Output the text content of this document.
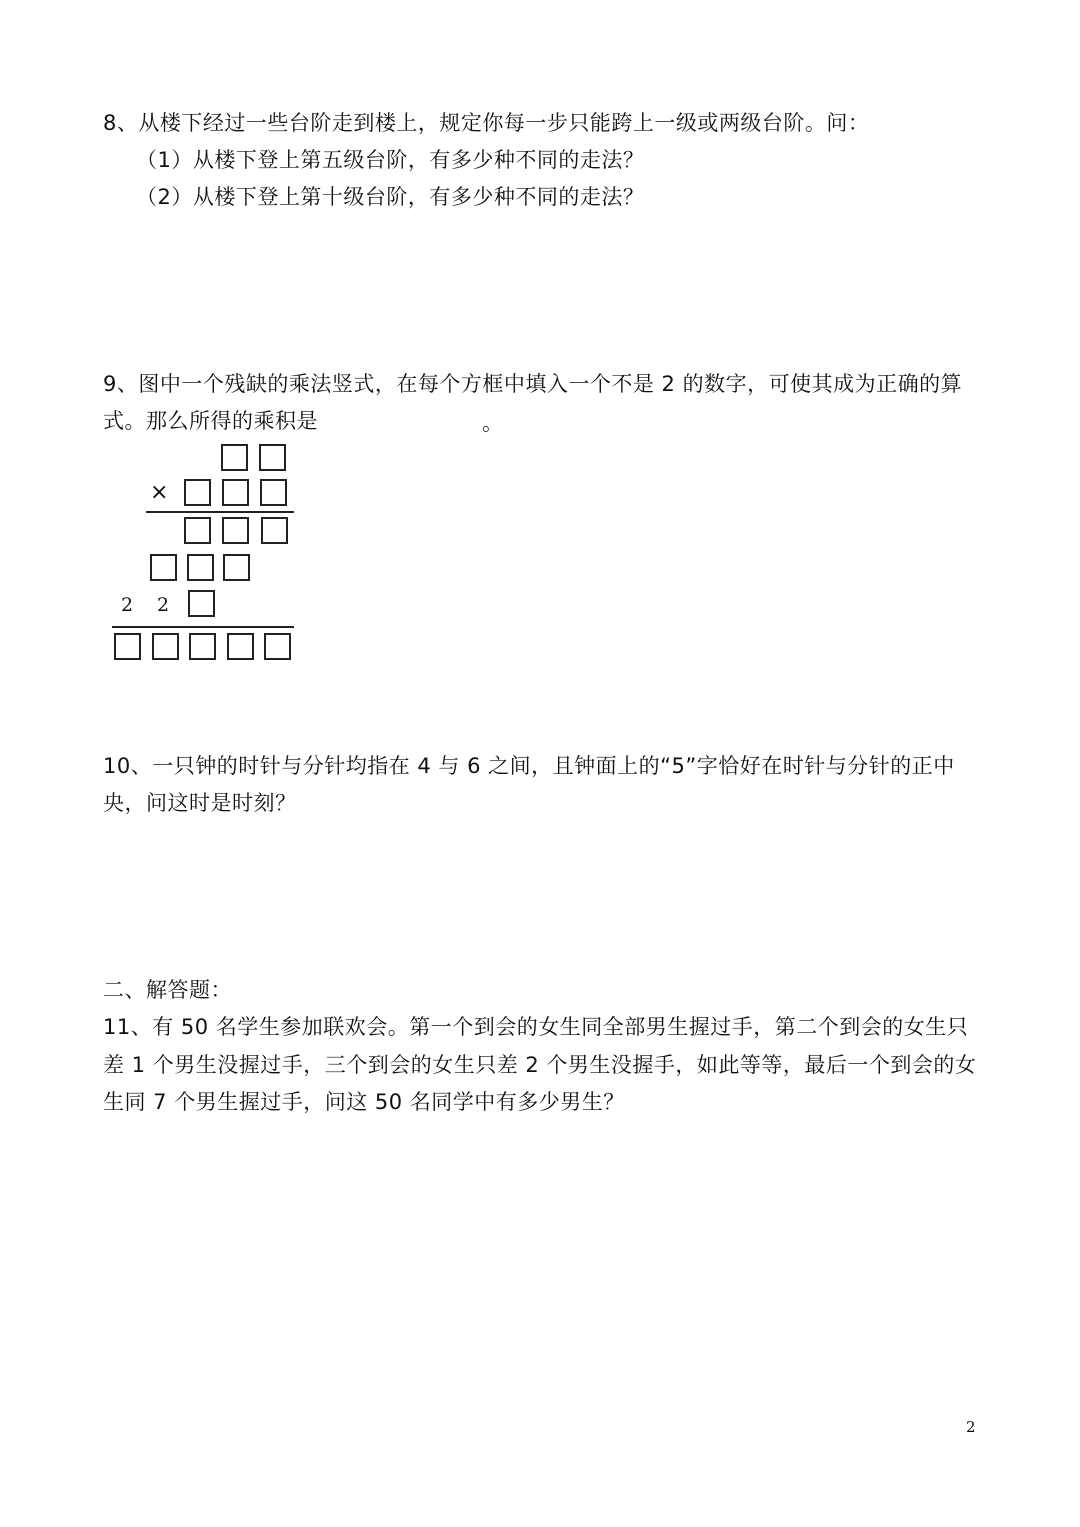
8、从楼下经过一些台阶走到楼上，规定你每一步只能跨上一级或两级台阶。问：
（1）从楼下登上第五级台阶，有多少种不同的走法？
（2）从楼下登上第十级台阶，有多少种不同的走法？
9、图中一个残缺的乘法竖式，在每个方框中填入一个不是 2 的数字，可使其成为正确的算
式。那么所得的乘积是	。
×
2 2
10、一只钟的时针与分针均指在 4 与 6 之间，且钟面上的“5”字恰好在时针与分针的正中
央，问这时是时刻？
二、解答题：
11、有 50 名学生参加联欢会。第一个到会的女生同全部男生握过手，第二个到会的女生只
差 1 个男生没握过手，三个到会的女生只差 2 个男生没握手，如此等等，最后一个到会的女
生同 7 个男生握过手，问这 50 名同学中有多少男生？
2
